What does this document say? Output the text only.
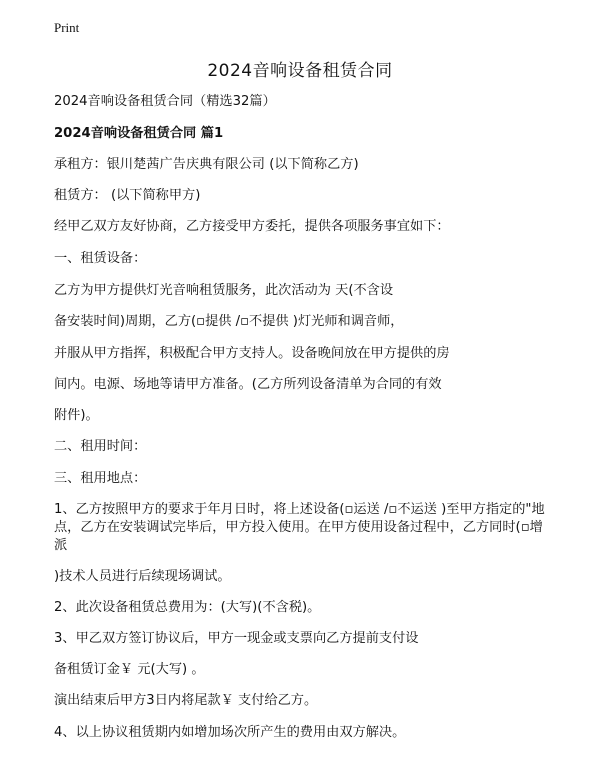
Print
2024音响设备租赁合同
2024音响设备租赁合同（精选32篇）
2024音响设备租赁合同 篇1
承租方：银川楚茜广告庆典有限公司 (以下简称乙方)
租赁方： (以下简称甲方)
经甲乙双方友好协商，乙方接受甲方委托，提供各项服务事宜如下：
一、租赁设备：
乙方为甲方提供灯光音响租赁服务，此次活动为 天(不含设
备安装时间)周期，乙方(▫提供 /▫不提供 )灯光师和调音师，
并服从甲方指挥，积极配合甲方支持人。设备晚间放在甲方提供的房
间内。电源、场地等请甲方准备。(乙方所列设备清单为合同的有效
附件)。
二、租用时间：
三、租用地点：
1、乙方按照甲方的要求于年月日时，将上述设备(▫运送 /▫不运送 )至甲方指定的"地点，乙方在安装调试完毕后，甲方投入使用。在甲方使用设备过程中，乙方同时(▫增派
)技术人员进行后续现场调试。
2、此次设备租赁总费用为：(大写)(不含税)。
3、甲乙双方签订协议后，甲方一现金或支票向乙方提前支付设
备租赁订金￥ 元(大写) 。
演出结束后甲方3日内将尾款￥ 支付给乙方。
4、以上协议租赁期内如增加场次所产生的费用由双方解决。
